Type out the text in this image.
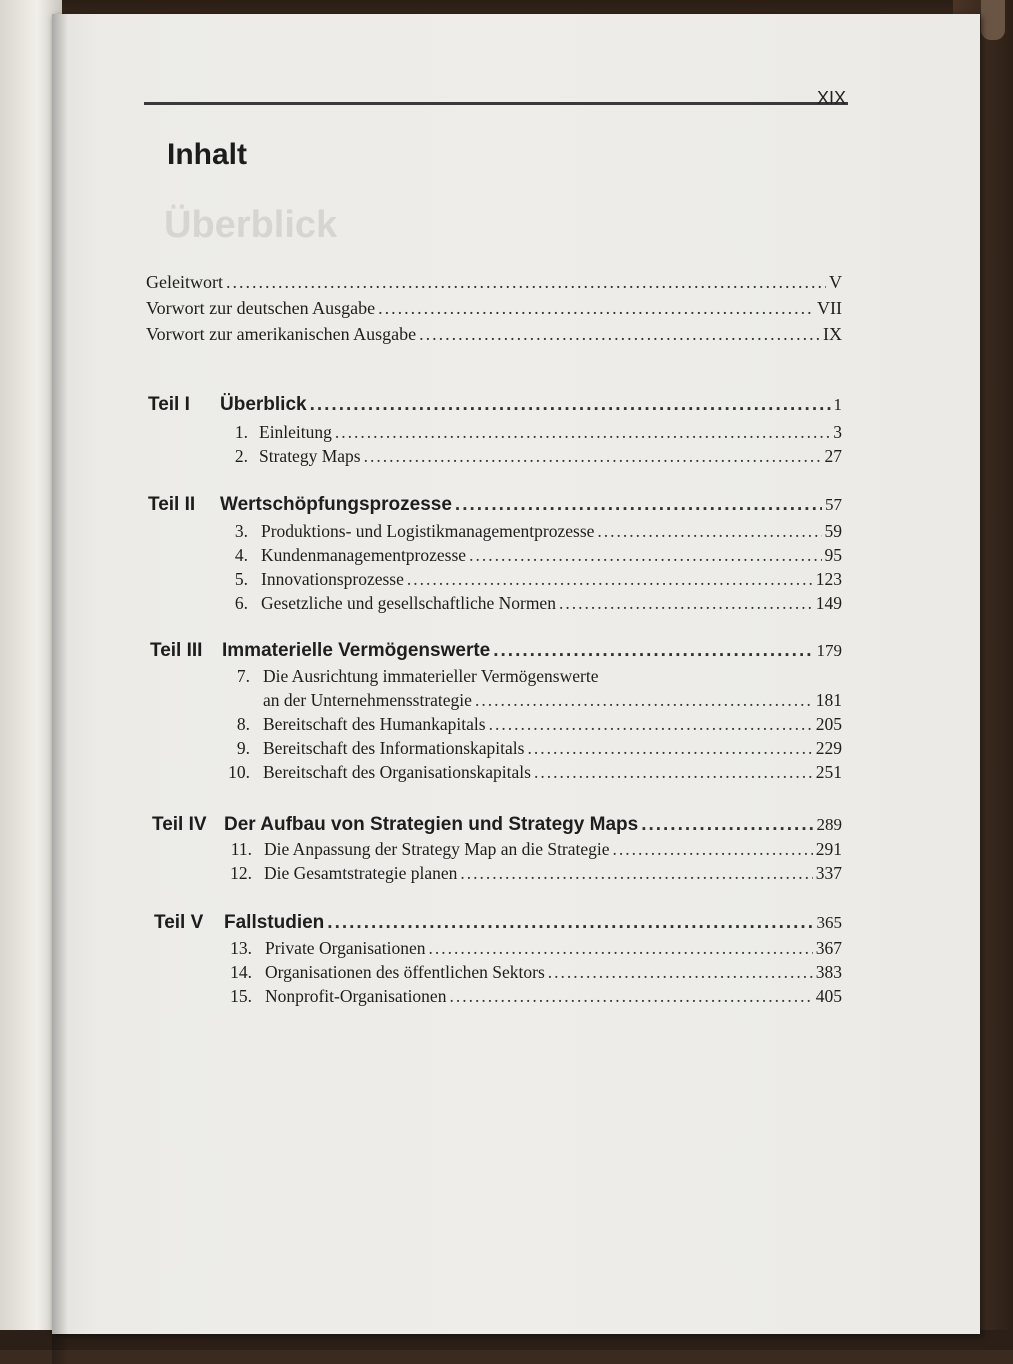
XIX
Überblick
Inhalt
Geleitwort .....	V
Vorwort zur deutschen Ausgabe .....	VII
Vorwort zur amerikanischen Ausgabe .....	IX
Teil I Überblick .....	1
1. Einleitung .....	3
2. Strategy Maps .....	27
Teil II Wertschöpfungsprozesse .....	57
3. Produktions- und Logistikmanagementprozesse .....	59
4. Kundenmanagementprozesse .....	95
5. Innovationsprozesse .....	123
6. Gesetzliche und gesellschaftliche Normen .....	149
Teil III Immaterielle Vermögenswerte .....	179
7. Die Ausrichtung immaterieller Vermögenswerte
an der Unternehmensstrategie .....	181
8. Bereitschaft des Humankapitals .....	205
9. Bereitschaft des Informationskapitals .....	229
10. Bereitschaft des Organisationskapitals .....	251
Teil IV Der Aufbau von Strategien und Strategy Maps .....	289
11. Die Anpassung der Strategy Map an die Strategie .....	291
12. Die Gesamtstrategie planen .....	337
Teil V Fallstudien .....	365
13. Private Organisationen .....	367
14. Organisationen des öffentlichen Sektors .....	383
15. Nonprofit-Organisationen .....	405
